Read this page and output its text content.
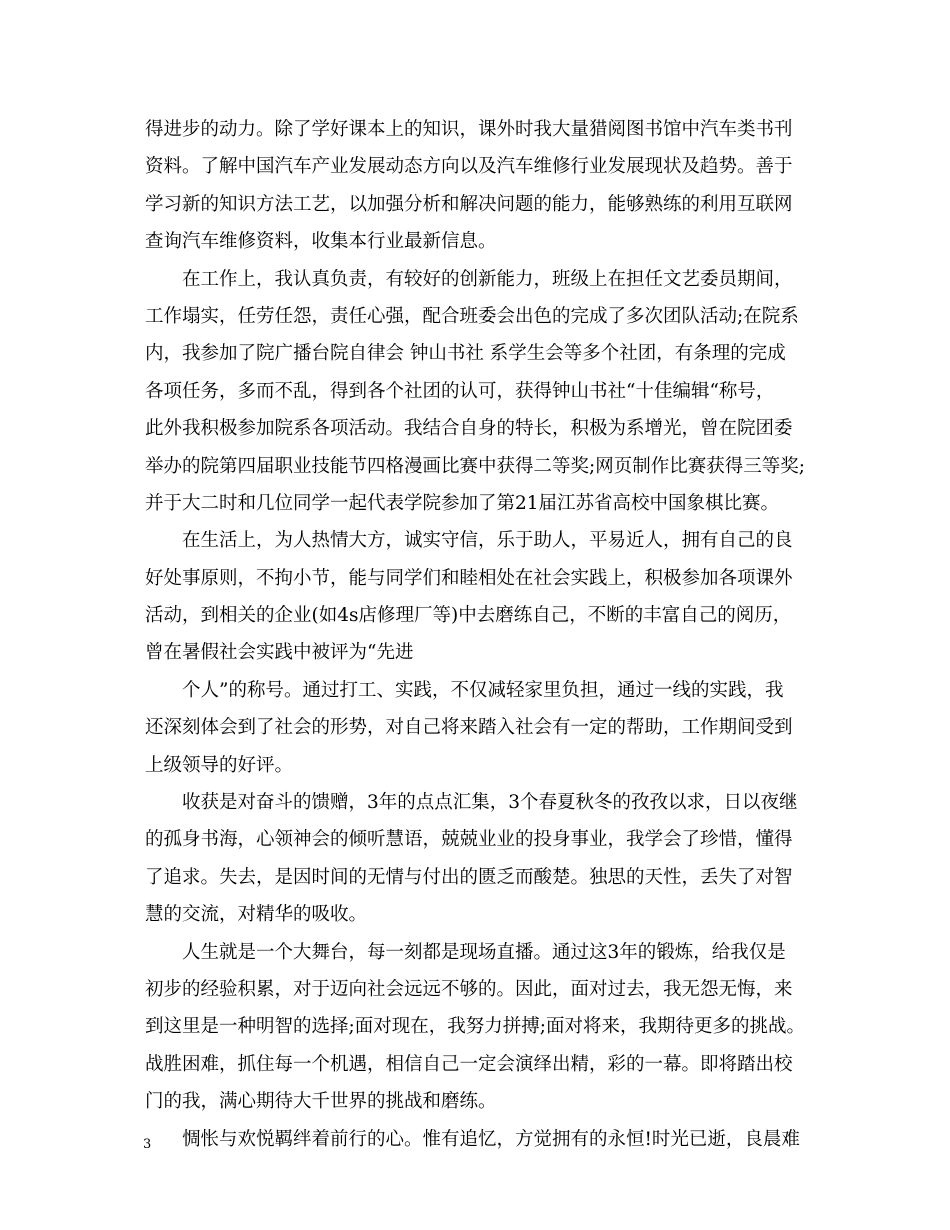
得进步的动力。除了学好课本上的知识，课外时我大量猎阅图书馆中汽车类书刊
资料。了解中国汽车产业发展动态方向以及汽车维修行业发展现状及趋势。善于
学习新的知识方法工艺，以加强分析和解决问题的能力，能够熟练的利用互联网
查询汽车维修资料，收集本行业最新信息。
在工作上，我认真负责，有较好的创新能力，班级上在担任文艺委员期间，
工作塌实，任劳任怨，责任心强，配合班委会出色的完成了多次团队活动;在院系
内，我参加了院广播台院自律会 钟山书社 系学生会等多个社团，有条理的完成
各项任务，多而不乱，得到各个社团的认可，获得钟山书社“十佳编辑“称号，
此外我积极参加院系各项活动。我结合自身的特长，积极为系增光，曾在院团委
举办的院第四届职业技能节四格漫画比赛中获得二等奖;网页制作比赛获得三等奖;
并于大二时和几位同学一起代表学院参加了第21届江苏省高校中国象棋比赛。
在生活上，为人热情大方，诚实守信，乐于助人，平易近人，拥有自己的良
好处事原则，不拘小节，能与同学们和睦相处在社会实践上，积极参加各项课外
活动，到相关的企业(如4s店修理厂等)中去磨练自己，不断的丰富自己的阅历，
曾在暑假社会实践中被评为“先进
个人”的称号。通过打工、实践，不仅减轻家里负担，通过一线的实践，我
还深刻体会到了社会的形势，对自己将来踏入社会有一定的帮助，工作期间受到
上级领导的好评。
收获是对奋斗的馈赠，3年的点点汇集，3个春夏秋冬的孜孜以求，日以夜继
的孤身书海，心领神会的倾听慧语，兢兢业业的投身事业，我学会了珍惜，懂得
了追求。失去，是因时间的无情与付出的匮乏而酸楚。独思的天性，丢失了对智
慧的交流，对精华的吸收。
人生就是一个大舞台，每一刻都是现场直播。通过这3年的锻炼，给我仅是
初步的经验积累，对于迈向社会远远不够的。因此，面对过去，我无怨无悔，来
到这里是一种明智的选择;面对现在，我努力拼搏;面对将来，我期待更多的挑战。
战胜困难，抓住每一个机遇，相信自己一定会演绎出精，彩的一幕。即将踏出校
门的我，满心期待大千世界的挑战和磨练。
惆怅与欢悦羁绊着前行的心。惟有追忆，方觉拥有的永恒!时光已逝，良晨难
3
